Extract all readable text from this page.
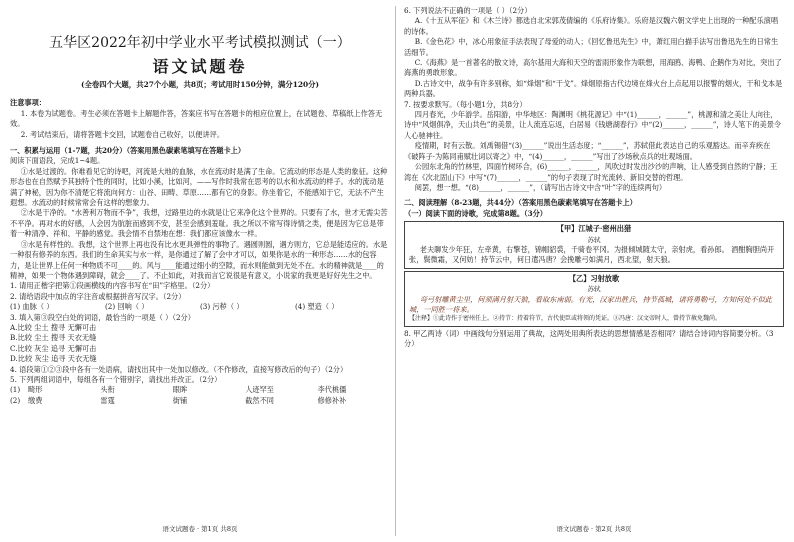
五华区2022年初中学业水平考试模拟测试（一）
语文试题卷
(全卷四个大题，共27个小题，共8页；考试用时150分钟，满分120分)
注意事项：

1. 本卷为试题卷。考生必须在答题卡上解题作答，答案应书写在答题卡的相应位置上，在试题卷、草稿纸上作答无效。

2. 考试结束后，请将答题卡交回，试题卷自己收好，以便讲评。

一、积累与运用（1-7题，共20分）（答案用黑色碳素笔填写在答题卡上）

阅读下面语段，完成1~4题。

①水是过渡的。你难看见它的诗吧，河流是大地的血脉，水在流动时是满了生命。它流动的形态是人类的象征。这种形态也在自然赋予其独特个性的同时，比如小溪，比如河，——写作时我常在思考的以水和水流动的样子。水的流动是满了神秘，因为你不清楚它将流向何方：山谷、田畴、草原……都有它的身影。你坐着它，不能感知于它，无法不产生遐想。水流动的时候常常会有这样的想象力。

②水是干净的。“水善利万物而不争”，我想，过路里边的水就是让它来净化这个世界的。只要有了水，世才无需尖苦不平净。再对水的好感，人会因为肮脏而感到不安，甚至会感到羞耻。我之所以不常写得诗情之类，便是因为它总是带着一种清净、祥和、平静的感觉。我会情不自禁地在想：我们都应该像水一样。

③水是有样性的。我想，这个世界上再也没有比水更具弹性的事物了。遇圆则圆，遇方则方，它总是能适应的。水是一种很有修养的东西。我们的生命其实与水一样，是你通过了解了会中才可以，如果你是水的一种形态……水的包容力，是让世界上任何一种物质不可____的。风与____能通过细小的空隙，而水则能做到无处不在。水的精神就是____的精神，如果一个物体遇到障碍，就会____了。不止如此，对我而言它说很是有意义，小说家的我更是好好先生之中。

1. 请用正楷字把第①段画横线的内容书写在“田”字格里。（2分）

2. 请给语段中加点的字注音或根据拼音写汉字。（2分）

(1) 血脉（ ）	(2) 回响（ ）	(3) 污秽（ ）	(4) 塑造（ ）

3. 填入第③段空白处的词语，最恰当的一项是（ ）（2分）

A.比较 尘土 搜寻 无懈可击

B.比较 尘土 搜寻 天衣无缝

C.比较 灰尘 追寻 无懈可击

D.比较 灰尘 追寻 天衣无缝

4. 语段第①②③段中各有一处语病，请找出其中一处加以修改。（不作修改，直接写修改后的句子）（2分）

5. 下列两组词语中，每组各有一个错别字，请找出并改正。（2分）

(1)	畸形	头衔	眼眸	人迹罕至	李代桃僵
(2)	缴费	雷霆	街铺	截然不同	修修补补
语文试题卷 · 第1页 共8页

6. 下列说法不正确的一项是（ ）（2分）

A.《十五从军征》和《木兰诗》都选自北宋郭茂倩编的《乐府诗集》。乐府是汉魏六朝文学史上出现的一种配乐演唱的诗体。

B.《金色花》中，冰心用象征手法表现了母爱的动人；《回忆鲁迅先生》中，萧红用白描手法写出鲁迅先生的日常生活细节。

C.《海燕》是一首著名的散文诗，高尔基用大海和天空的雷雨形象作为联想，用海鸥、海鸭、企鹅作为对比，突出了海燕的勇敢形象。

D.古诗文中，战争有许多别称，如“烽烟”和“干戈”。烽烟原指古代边境在烽火台上点起用以报警的烟火，干和戈本是两种兵器。

7. 按要求默写。（每小题1分，共8分）

四月春光，少年游学。岳阳游，中华地区：陶渊明《桃花源记》中“(1)______，______”，桃源和清之美让人向往，诗中“风烟俱净，天山共色”的美景，让人流连忘返，白居易《钱塘湖春行》中“(2)______，______”，诗人笔下的美景令人心驰神往。

疫情期，时有云散。刘禹锡借“(3)______”说出生活态度；“______”，苏轼借此表达自己的乐观豁达。而辛弃疾在《破阵子·为陈同甫赋壮词以寄之》中，“(4)______，______”写出了沙场秋点兵的壮观场面。

公园东北角的竹林里，四面竹树环合，(6)______，______，风吹过时发出沙沙的声响，让人感受到自然的宁静；王湾在《次北固山下》中写“(7)______，______”的句子表现了时光流转、新旧交替的哲理。

阅罢，想一想。“(8)______，______”，（请写出古诗文中含“叶”字的连续两句）

二、阅读理解（8-23题，共44分）（答案用黑色碳素笔填写在答题卡上）

（一）阅读下面的诗歌，完成第8题。（3分）

【甲】江城子·密州出猎
苏轼

老夫聊发少年狂，左牵黄，右擎苍，锦帽貂裘，千骑卷平冈。为报倾城随太守，亲射虎，看孙郎。 酒酣胸胆尚开张，鬓微霜，又何妨！持节云中，何日遣冯唐？会挽雕弓如满月，西北望，射天狼。

【乙】习射放歌
苏轼

弯弓射雕黄尘里，何须满月射天狼，看取东南弱。有光，汉家出胜兵，持节孤城，诸将勇勒弓，方知何处不似此城，一同胜一将来。

【注释】①此诗作于密州任上。②持节：持着符节，古代使臣或将领的凭证。③冯唐：汉文帝时人，曾持节赦免魏尚。

8. 甲乙两诗（词）中画线句分别运用了典故，这两处用典所表达的思想情感是否相同？请结合诗词内容简要分析。（3分）

语文试题卷 · 第2页 共8页
